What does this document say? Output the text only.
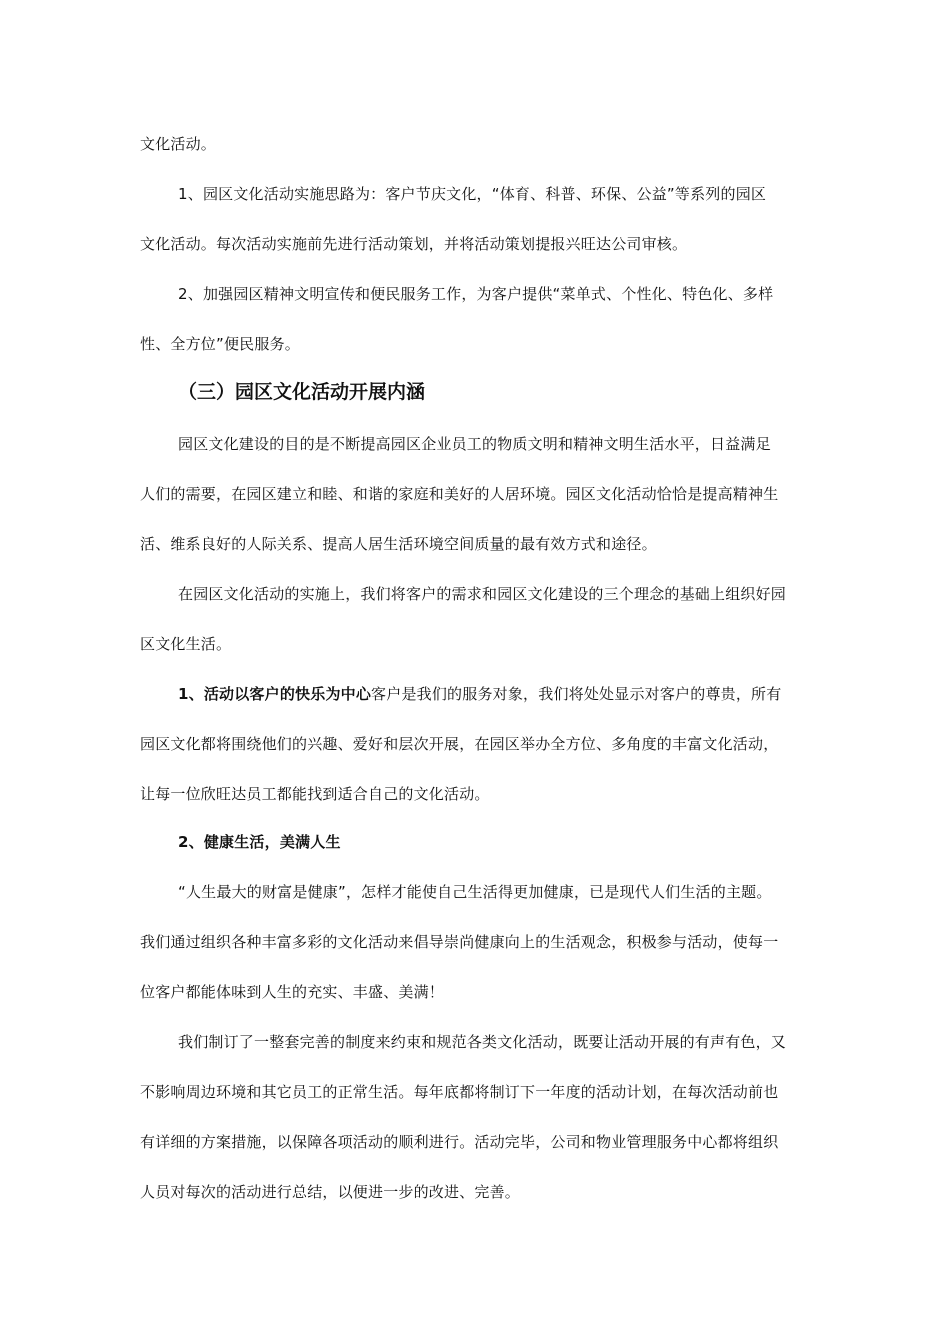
文化活动。
1、园区文化活动实施思路为：客户节庆文化，“体育、科普、环保、公益”等系列的园区
文化活动。每次活动实施前先进行活动策划，并将活动策划提报兴旺达公司审核。
2、加强园区精神文明宣传和便民服务工作，为客户提供“菜单式、个性化、特色化、多样
性、全方位”便民服务。
（三）园区文化活动开展内涵
园区文化建设的目的是不断提高园区企业员工的物质文明和精神文明生活水平，日益满足
人们的需要，在园区建立和睦、和谐的家庭和美好的人居环境。园区文化活动恰恰是提高精神生
活、维系良好的人际关系、提高人居生活环境空间质量的最有效方式和途径。
在园区文化活动的实施上，我们将客户的需求和园区文化建设的三个理念的基础上组织好园
区文化生活。
1、活动以客户的快乐为中心客户是我们的服务对象，我们将处处显示对客户的尊贵，所有
园区文化都将围绕他们的兴趣、爱好和层次开展，在园区举办全方位、多角度的丰富文化活动，
让每一位欣旺达员工都能找到适合自己的文化活动。
2、健康生活，美满人生
“人生最大的财富是健康”，怎样才能使自己生活得更加健康，已是现代人们生活的主题。
我们通过组织各种丰富多彩的文化活动来倡导崇尚健康向上的生活观念，积极参与活动，使每一
位客户都能体味到人生的充实、丰盛、美满！
我们制订了一整套完善的制度来约束和规范各类文化活动，既要让活动开展的有声有色，又
不影响周边环境和其它员工的正常生活。每年底都将制订下一年度的活动计划，在每次活动前也
有详细的方案措施，以保障各项活动的顺利进行。活动完毕，公司和物业管理服务中心都将组织
人员对每次的活动进行总结，以便进一步的改进、完善。
